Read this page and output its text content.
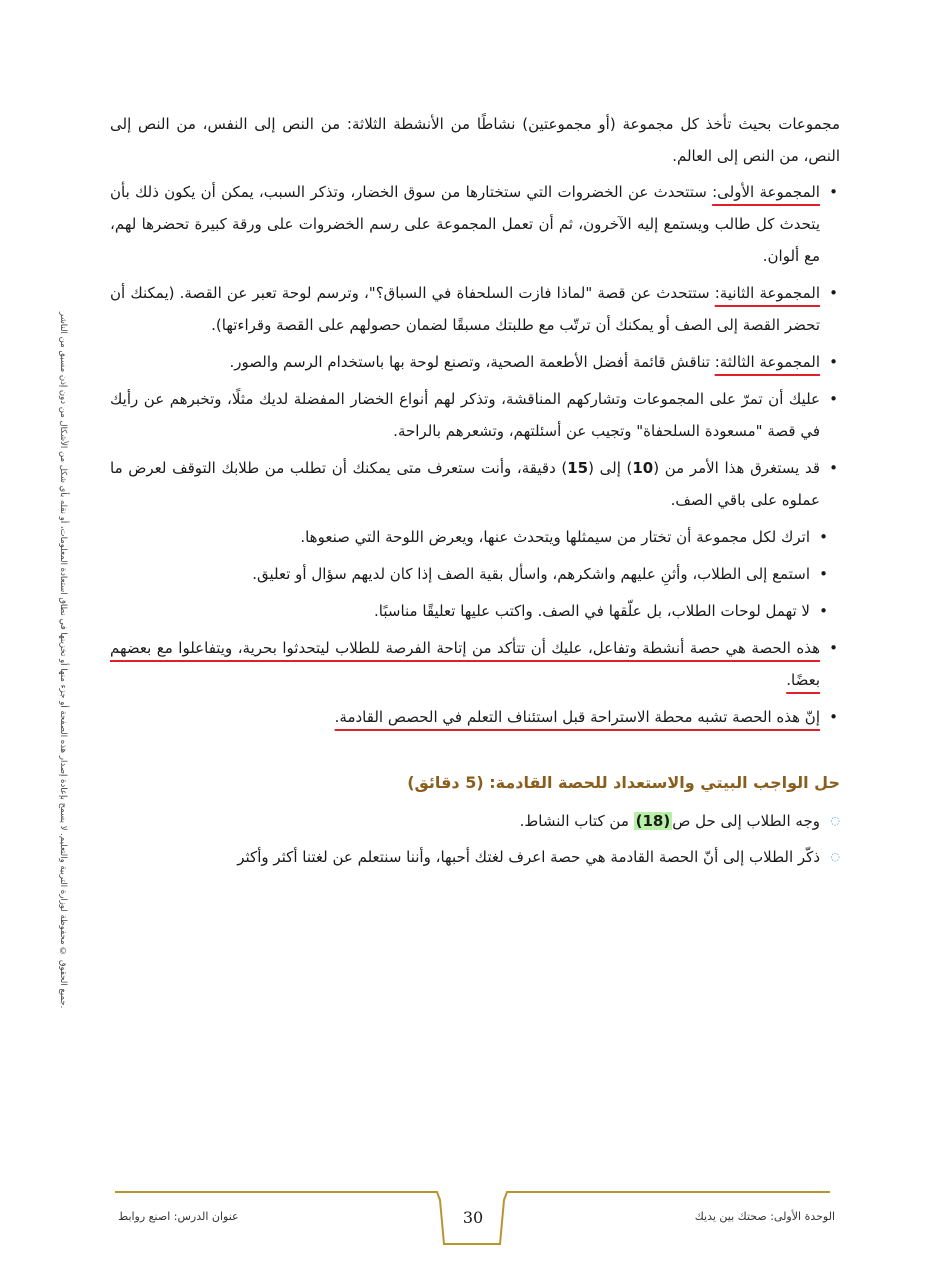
جميع الحقوق © محفوظة لوزارة التربية والتعليم. لا يسمح بإعادة إصدار هذه الصفحة أو جزء منها أو تخزينها في نطاق استعادة المعلومات، أو نقله بأي شكل من الأشكال من دون إذن مسبق من الناشر.

مجموعات بحيث تأخذ كل مجموعة (أو مجموعتين) نشاطًا من الأنشطة الثلاثة: من النص إلى النفس، من النص إلى النص، من النص إلى العالم.

• المجموعة الأولى: ستتحدث عن الخضروات التي ستختارها من سوق الخضار، وتذكر السبب، يمكن أن يكون ذلك بأن يتحدث كل طالب ويستمع إليه الآخرون، ثم أن تعمل المجموعة على رسم الخضروات على ورقة كبيرة تحضرها لهم، مع ألوان.
• المجموعة الثانية: ستتحدث عن قصة "لماذا فازت السلحفاة في السباق؟"، وترسم لوحة تعبر عن القصة. (يمكنك أن تحضر القصة إلى الصف أو يمكنك أن ترتّب مع طلبتك مسبقًا لضمان حصولهم على القصة وقراءتها).
• المجموعة الثالثة: تناقش قائمة أفضل الأطعمة الصحية، وتصنع لوحة بها باستخدام الرسم والصور.
• عليك أن تمرّ على المجموعات وتشاركهم المناقشة، وتذكر لهم أنواع الخضار المفضلة لديك مثلًا، وتخبرهم عن رأيك في قصة "مسعودة السلحفاة" وتجيب عن أسئلتهم، وتشعرهم بالراحة.
• قد يستغرق هذا الأمر من (10) إلى (15) دقيقة، وأنت ستعرف متى يمكنك أن تطلب من طلابك التوقف لعرض ما عملوه على باقي الصف.
• اترك لكل مجموعة أن تختار من سيمثلها ويتحدث عنها، ويعرض اللوحة التي صنعوها.
• استمع إلى الطلاب، وأثنِ عليهم واشكرهم، واسأل بقية الصف إذا كان لديهم سؤال أو تعليق.
• لا تهمل لوحات الطلاب، بل علّقها في الصف. واكتب عليها تعليقًا مناسبًا.
• هذه الحصة هي حصة أنشطة وتفاعل، عليك أن تتأكد من إتاحة الفرصة للطلاب ليتحدثوا بحرية، ويتفاعلوا مع بعضهم بعضًا.
• إنّ هذه الحصة تشبه محطة الاستراحة قبل استئناف التعلم في الحصص القادمة.
حل الواجب البيتي والاستعداد للحصة القادمة: (5 دقائق)
◌ وجه الطلاب إلى حل ص(18) من كتاب النشاط.
◌ ذكّر الطلاب إلى أنّ الحصة القادمة هي حصة اعرف لغتك أحبها، وأننا سنتعلم عن لغتنا أكثر وأكثر
الوحدة الأولى: صحتك بين يديك
30
عنوان الدرس: اصنع روابط
